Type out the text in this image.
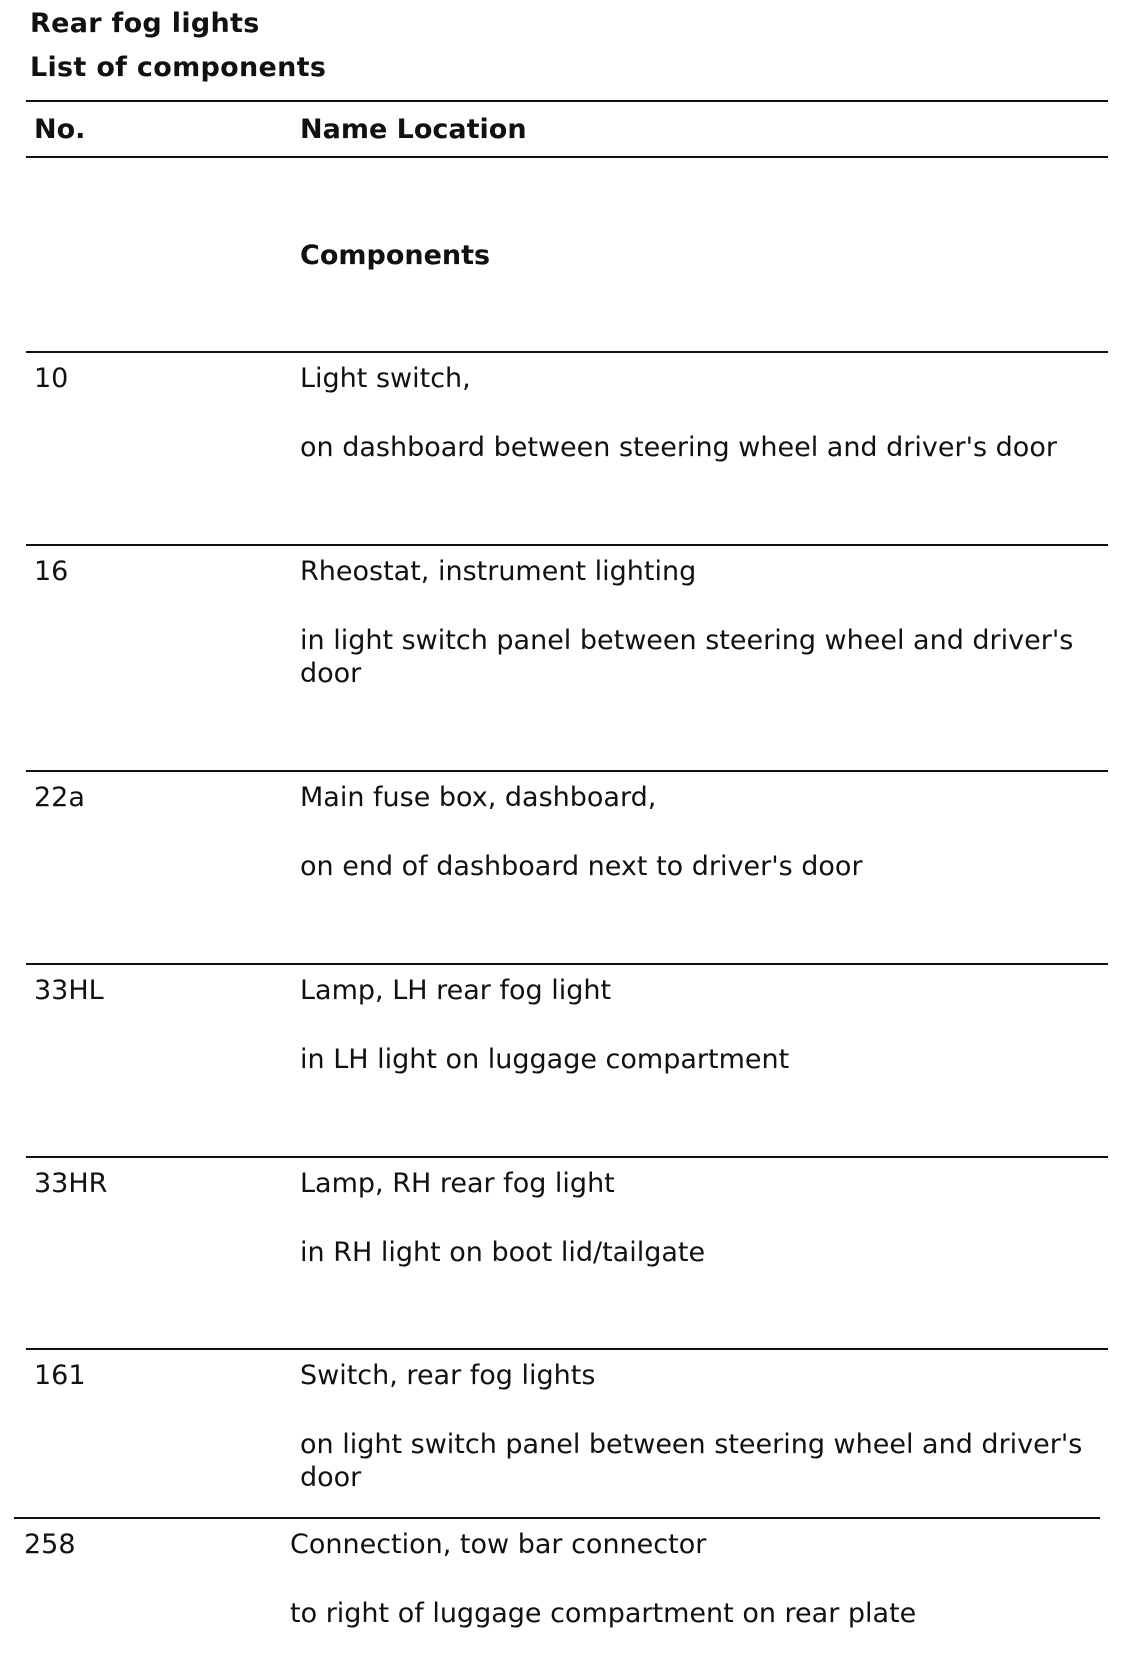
Rear fog lights
List of components
No.	Name Location
Components
10	Light switch,
on dashboard between steering wheel and driver's door
16	Rheostat, instrument lighting
in light switch panel between steering wheel and driver's door
22a	Main fuse box, dashboard,
on end of dashboard next to driver's door
33HL	Lamp, LH rear fog light
in LH light on luggage compartment
33HR	Lamp, RH rear fog light
in RH light on boot lid/tailgate
161	Switch, rear fog lights
on light switch panel between steering wheel and driver's door
258	Connection, tow bar connector
to right of luggage compartment on rear plate
